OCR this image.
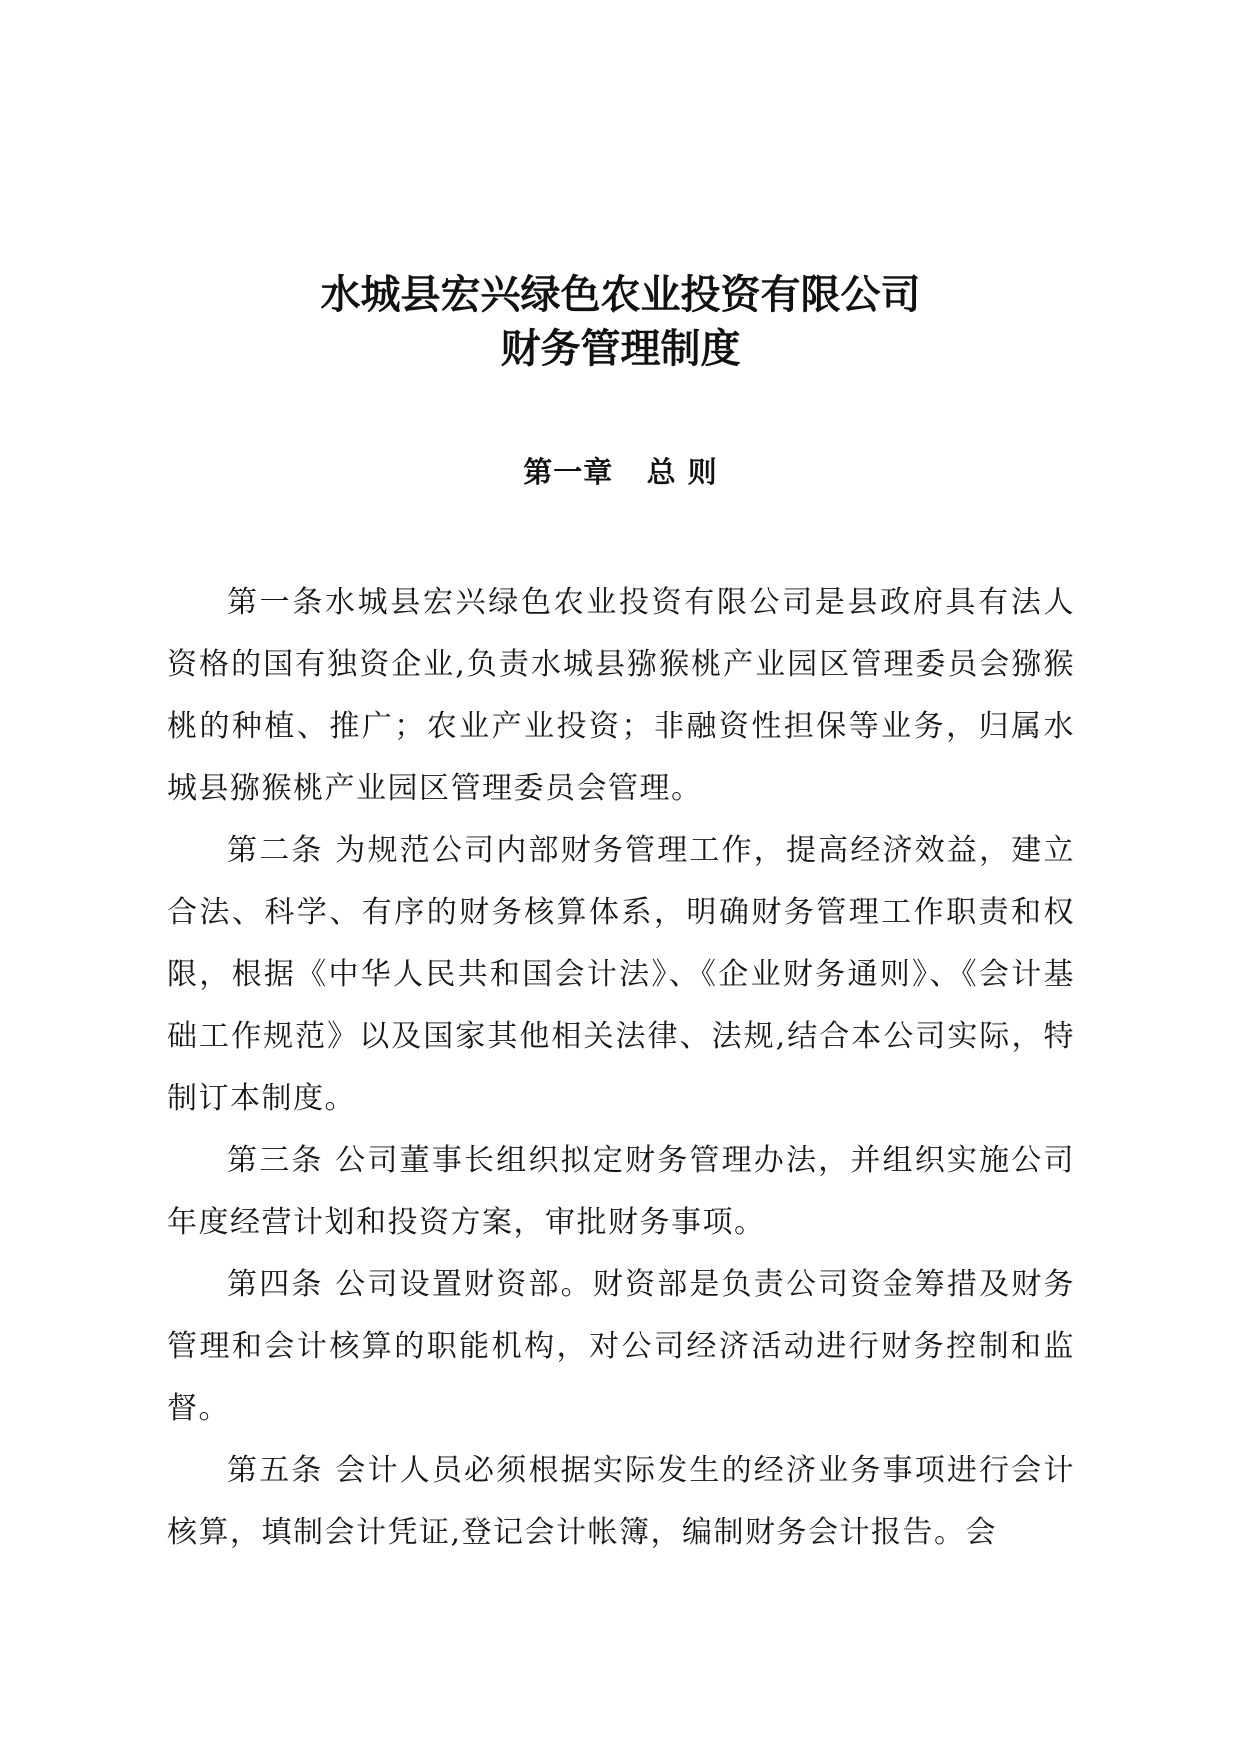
水城县宏兴绿色农业投资有限公司
财务管理制度
第一章   总 则

第一条水城县宏兴绿色农业投资有限公司是县政府具有法人资格的国有独资企业,负责水城县猕猴桃产业园区管理委员会猕猴桃的种植、推广；农业产业投资；非融资性担保等业务，归属水城县猕猴桃产业园区管理委员会管理。

第二条 为规范公司内部财务管理工作，提高经济效益，建立合法、科学、有序的财务核算体系，明确财务管理工作职责和权限，根据《中华人民共和国会计法》、《企业财务通则》、《会计基础工作规范》以及国家其他相关法律、法规,结合本公司实际，特制订本制度。

第三条 公司董事长组织拟定财务管理办法，并组织实施公司年度经营计划和投资方案，审批财务事项。

第四条 公司设置财资部。财资部是负责公司资金筹措及财务管理和会计核算的职能机构，对公司经济活动进行财务控制和监督。

第五条 会计人员必须根据实际发生的经济业务事项进行会计核算，填制会计凭证,登记会计帐簿，编制财务会计报告。会
